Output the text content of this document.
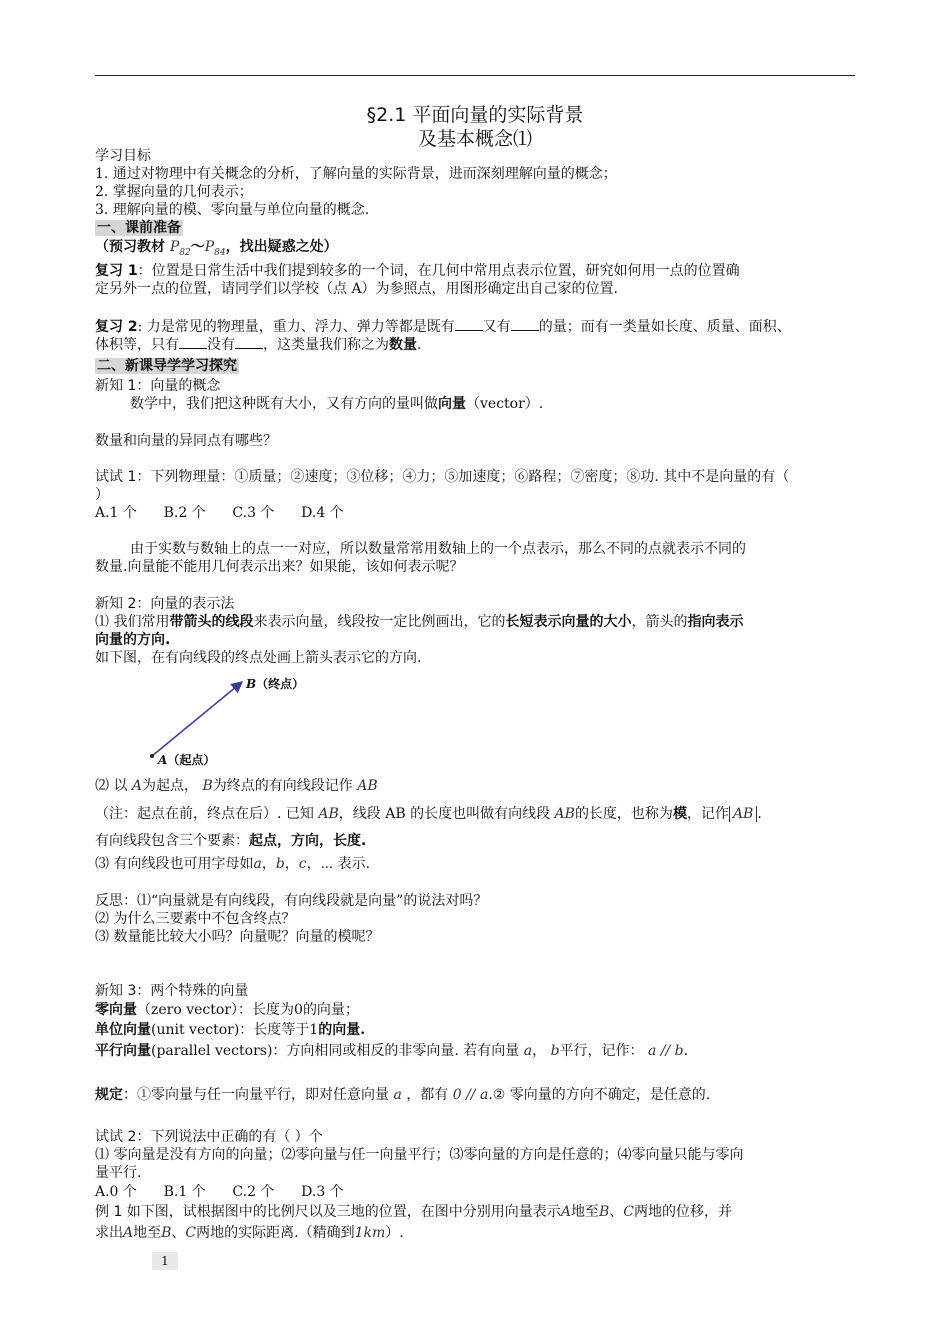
§2.1 平面向量的实际背景
及基本概念⑴
学习目标
1. 通过对物理中有关概念的分析，了解向量的实际背景，进而深刻理解向量的概念；
2. 掌握向量的几何表示；
3. 理解向量的模、零向量与单位向量的概念.
一、课前准备
（预习教材 $P_{82}\sim P_{84}$，找出疑惑之处）
复习 1：位置是日常生活中我们提到较多的一个词，在几何中常用点表示位置，研究如何用一点的位置确
定另外一点的位置，请同学们以学校（点 A）为参照点，用图形确定出自己家的位置.
复习 2: 力是常见的物理量，重力、浮力、弹力等都是既有 又有 的量；而有一类量如长度、质量、面积、
体积等，只有 没有 ，这类量我们称之为数量.
二、新课导学学习探究
新知 1：向量的概念
数学中，我们把这种既有大小，又有方向的量叫做向量（vector）.
数量和向量的异同点有哪些？
试试 1：下列物理量：①质量；②速度；③位移；④力；⑤加速度；⑥路程；⑦密度；⑧功. 其中不是向量的有（
）
A.1 个      B.2 个      C.3 个      D.4 个
由于实数与数轴上的点一一对应，所以数量常常用数轴上的一个点表示，那么不同的点就表示不同的
数量.向量能不能用几何表示出来？如果能，该如何表示呢？
新知 2：向量的表示法
⑴ 我们常用带箭头的线段来表示向量，线段按一定比例画出，它的长短表示向量的大小，箭头的指向表示
向量的方向.
如下图，在有向线段的终点处画上箭头表示它的方向.
B（终点）
A（起点）
⑵ 以 A为起点， B为终点的有向线段记作 AB
（注：起点在前，终点在后）. 已知 AB，线段 AB 的长度也叫做有向线段 AB的长度，也称为模，记作 AB .
有向线段包含三个要素：起点，方向，长度.
⑶ 有向线段也可用字母如a，b，c，⋯ 表示.
反思：⑴“向量就是有向线段，有向线段就是向量”的说法对吗？
⑵ 为什么三要素中不包含终点？
⑶ 数量能比较大小吗？向量呢？向量的模呢？
新知 3：两个特殊的向量
零向量（zero vector）：长度为0的向量；
单位向量(unit vector)：长度等于1的向量.
平行向量(parallel vectors)：方向相同或相反的非零向量. 若有向量 a， b平行，记作： a // b.
规定：①零向量与任一向量平行，即对任意向量 a ，都有 0 // a.② 零向量的方向不确定，是任意的.
试试 2：下列说法中正确的有（ ）个
⑴ 零向量是没有方向的向量；⑵零向量与任一向量平行；⑶零向量的方向是任意的；⑷零向量只能与零向
量平行.
A.0 个      B.1 个      C.2 个      D.3 个
例 1 如下图，试根据图中的比例尺以及三地的位置，在图中分别用向量表示A地至B、C两地的位移，并
求出A地至B、C两地的实际距离.（精确到1km）.
1
